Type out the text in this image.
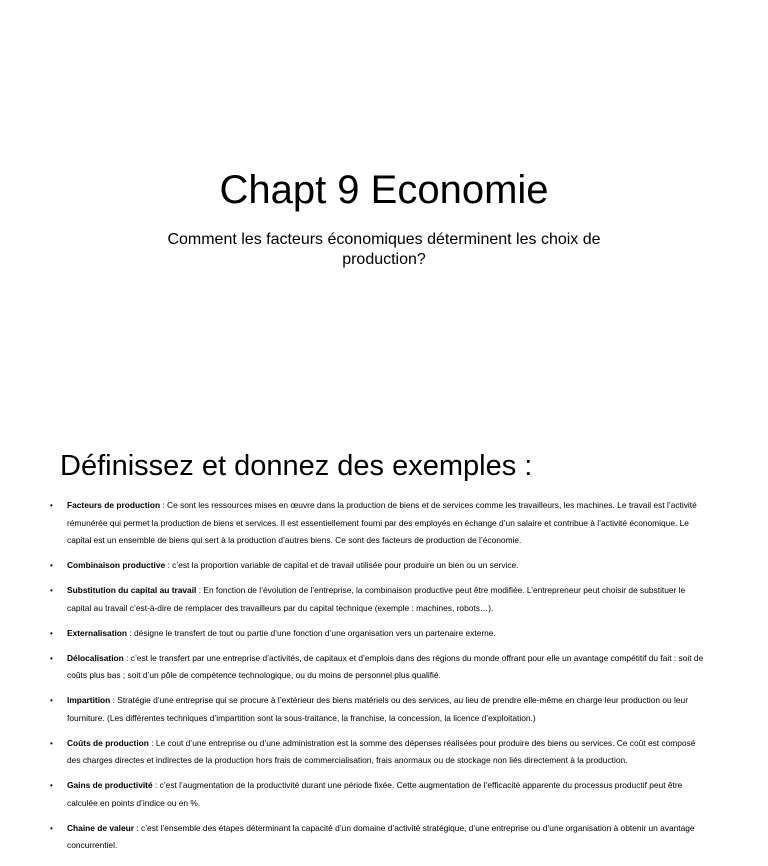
Chapt 9 Economie
Comment les facteurs économiques déterminent les choix de production?
Définissez et donnez des exemples :
• Facteurs de production : Ce sont les ressources mises en œuvre dans la production de biens et de services comme les travailleurs, les machines. Le travail est l’activité rémunérée qui permet la production de biens et services. Il est essentiellement fourni par des employés en échange d’un salaire et contribue à l’activité économique. Le capital est un ensemble de biens qui sert à la production d’autres biens. Ce sont des facteurs de production de l’économie.
• Combinaison productive : c’est la proportion variable de capital et de travail utilisée pour produire un bien ou un service.
• Substitution du capital au travail : En fonction de l’évolution de l’entreprise, la combinaison productive peut être modifiée. L’entrepreneur peut choisir de substituer le capital au travail c’est-à-dire de remplacer des travailleurs par du capital technique (exemple : machines, robots…).
• Externalisation : désigne le transfert de tout ou partie d’une fonction d’une organisation vers un partenaire externe.
• Délocalisation : c’est le transfert par une entreprise d’activités, de capitaux et d’emplois dans des régions du monde offrant pour elle un avantage compétitif du fait : soit de coûts plus bas ; soit d’un pôle de compétence technologique, ou du moins de personnel plus qualifié.
• Impartition : Stratégie d’une entreprise qui se procure à l’extérieur des biens matériels ou des services, au lieu de prendre elle-même en charge leur production ou leur fourniture. (Les différentes techniques d’impartition sont la sous-traitance, la franchise, la concession, la licence d’exploitation.)
• Coûts de production : Le cout d’une entreprise ou d’une administration est la somme des dépenses réalisées pour produire des biens ou services. Ce coût est composé des charges directes et indirectes de la production hors frais de commercialisation, frais anormaux ou de stockage non liés directement à la production.
• Gains de productivité : c’est l’augmentation de la productivité durant une période fixée. Cette augmentation de l’efficacité apparente du processus productif peut être calculée en points d’indice ou en %.
• Chaine de valeur : c’est l’ensemble des étapes déterminant la capacité d’un domaine d’activité stratégique, d’une entreprise ou d’une organisation à obtenir un avantage concurrentiel.
